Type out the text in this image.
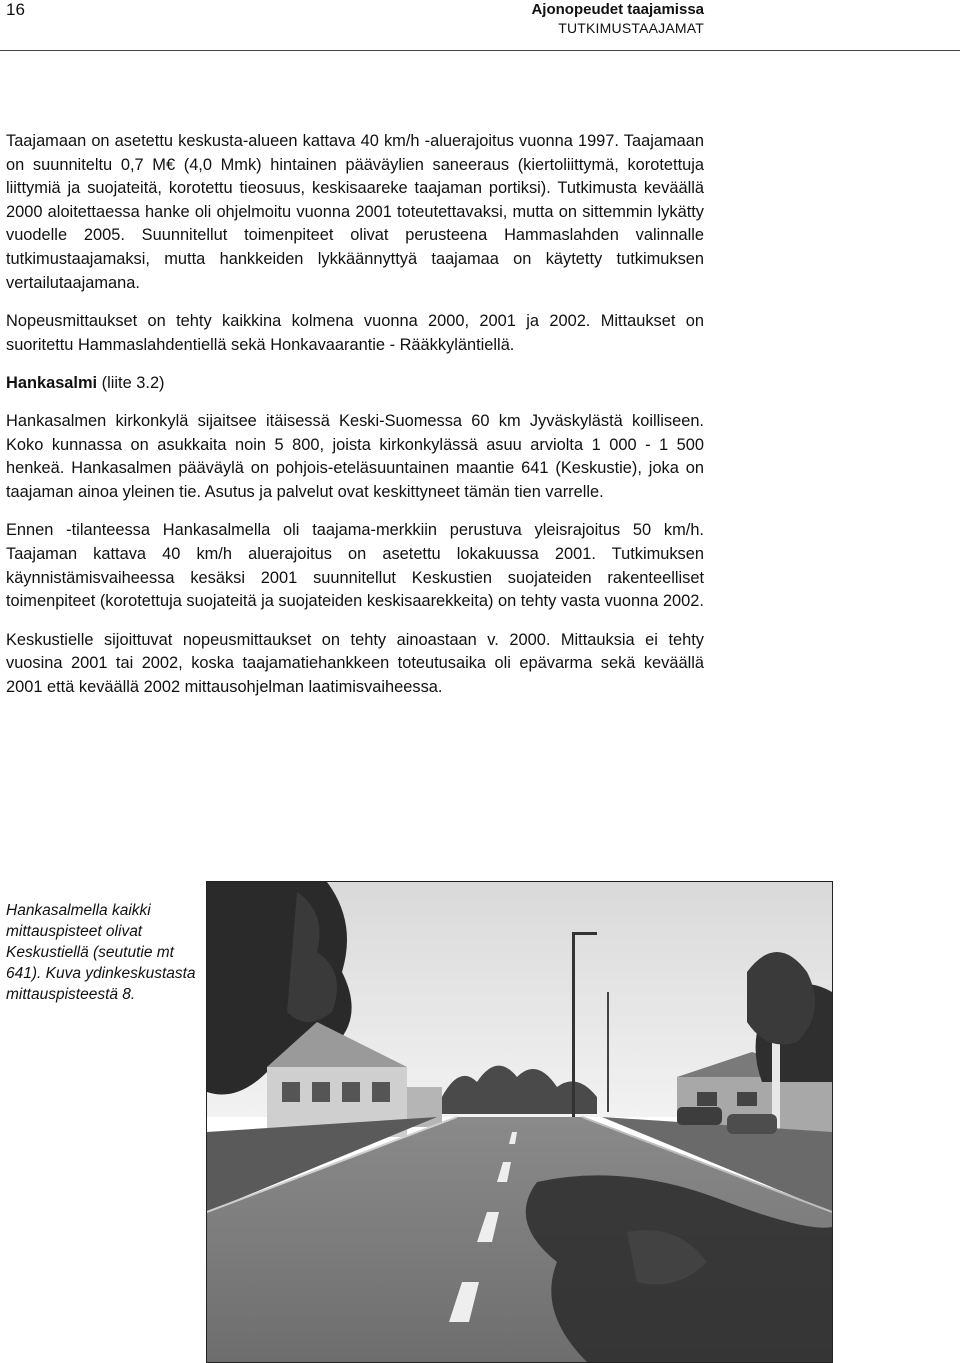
16	Ajonopeudet taajamissa
TUTKIMUSTAAJAMAT

Taajamaan on asetettu keskusta-alueen kattava 40 km/h -aluerajoitus vuonna 1997. Taajamaan on suunniteltu 0,7 M€ (4,0 Mmk) hintainen pääväylien saneeraus (kiertoliittymä, korotettuja liittymiä ja suojateitä, korotettu tieosuus, keskisaareke taajaman portiksi). Tutkimusta keväällä 2000 aloitettaessa hanke oli ohjelmoitu vuonna 2001 toteutettavaksi, mutta on sittemmin lykätty vuodelle 2005. Suunnitellut toimenpiteet olivat perusteena Hammaslahden valinnalle tutkimustaajamaksi, mutta hankkeiden lykkäännyttyä taajamaa on käytetty tutkimuksen vertailutaajamana.

Nopeusmittaukset on tehty kaikkina kolmena vuonna 2000, 2001 ja 2002. Mittaukset on suoritettu Hammaslahdentiellä sekä Honkavaarantie - Rääkkyläntiellä.

Hankasalmi (liite 3.2)

Hankasalmen kirkonkylä sijaitsee itäisessä Keski-Suomessa 60 km Jyväskylästä koilliseen. Koko kunnassa on asukkaita noin 5 800, joista kirkonkylässä asuu arviolta 1 000 - 1 500 henkeä. Hankasalmen pääväylä on pohjois-eteläsuuntainen maantie 641 (Keskustie), joka on taajaman ainoa yleinen tie. Asutus ja palvelut ovat keskittyneet tämän tien varrelle.

Ennen -tilanteessa Hankasalmella oli taajama-merkkiin perustuva yleisrajoitus 50 km/h. Taajaman kattava 40 km/h aluerajoitus on asetettu lokakuussa 2001. Tutkimuksen käynnistämisvaiheessa kesäksi 2001 suunnitellut Keskustien suojateiden rakenteelliset toimenpiteet (korotettuja suojateitä ja suojateiden keskisaarekkeita) on tehty vasta vuonna 2002.

Keskustielle sijoittuvat nopeusmittaukset on tehty ainoastaan v. 2000. Mittauksia ei tehty vuosina 2001 tai 2002, koska taajamatiehankkeen toteutusaika oli epävarma sekä keväällä 2001 että keväällä 2002 mittausohjelman laatimisvaiheessa.

Hankasalmella kaikki mittauspisteet olivat Keskustiellä (seututie mt 641). Kuva ydinkeskustasta mittauspisteestä 8.
